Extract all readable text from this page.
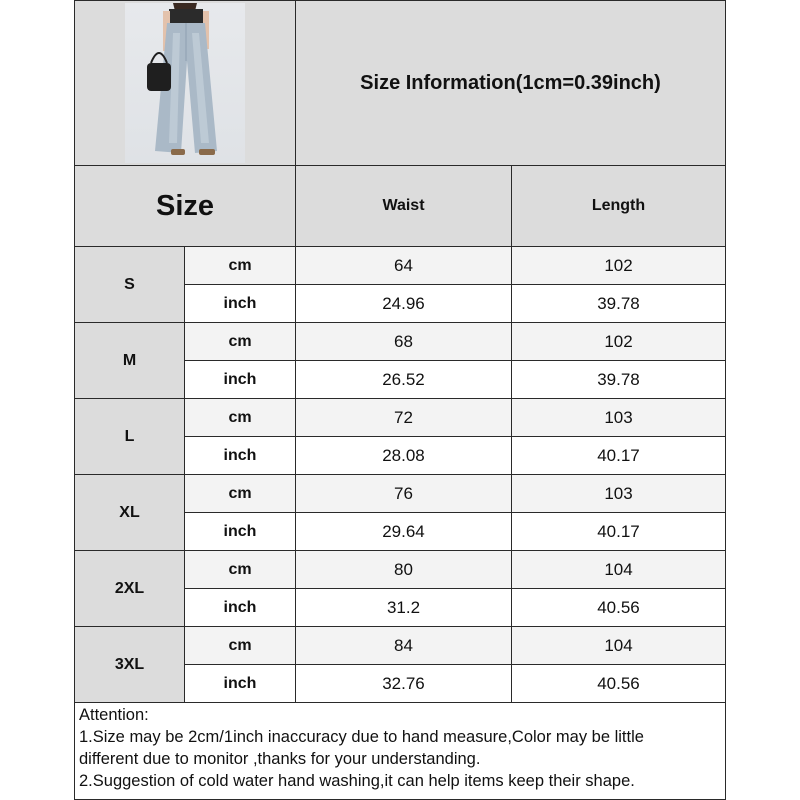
Size Information(1cm=0.39inch)
Size	Waist	Length
S
cm	64	102
inch	24.96	39.78
M
cm	68	102
inch	26.52	39.78
L
cm	72	103
inch	28.08	40.17
XL
cm	76	103
inch	29.64	40.17
2XL
cm	80	104
inch	31.2	40.56
3XL
cm	84	104
inch	32.76	40.56
Attention:
1.Size may be 2cm/1inch inaccuracy due to hand measure,Color may be little
different due to monitor ,thanks for your understanding.
2.Suggestion of cold water hand washing,it can help items keep their shape.
